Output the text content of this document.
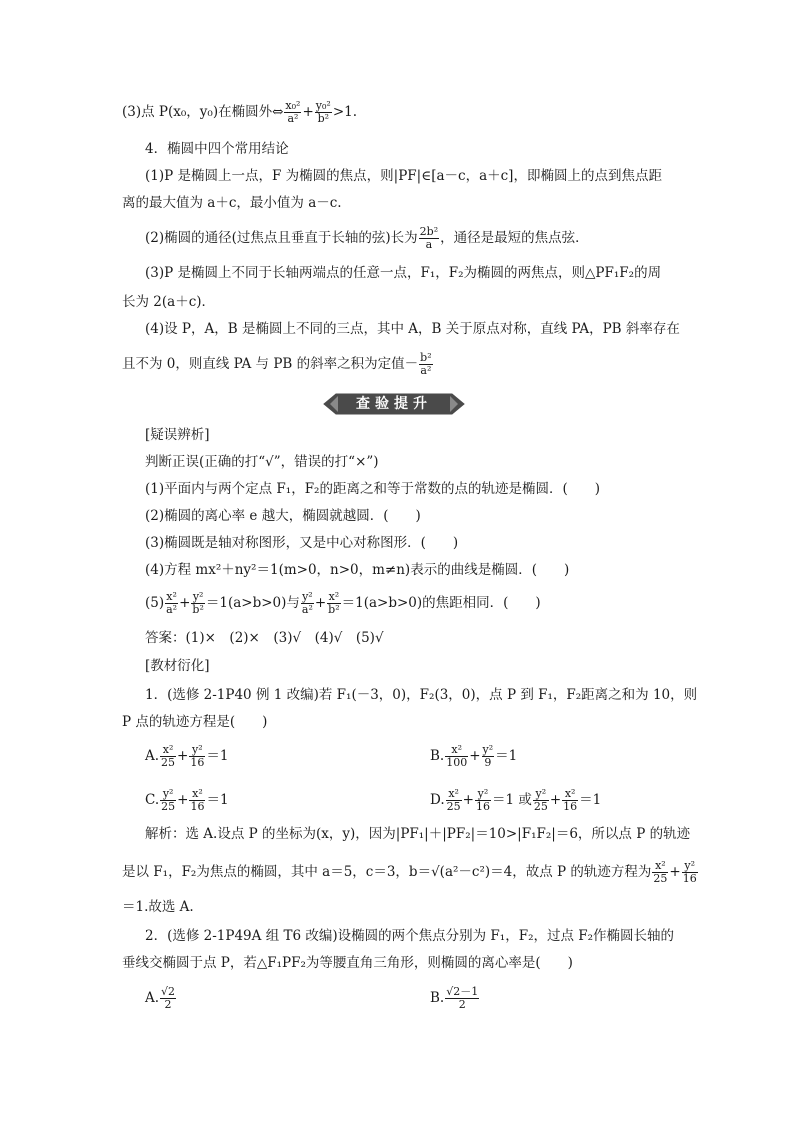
(3)点 P(x₀，y₀)在椭圆外⇔ $\frac{\text{x₀²}}{\text{a²}} + \frac{\text{y₀²}}{\text{b²}} >1$.
4．椭圆中四个常用结论
(1)P 是椭圆上一点，F 为椭圆的焦点，则|PF|∈[a－c，a＋c]，即椭圆上的点到焦点距
离的最大值为 a＋c，最小值为 a－c.
(2)椭圆的通径(过焦点且垂直于长轴的弦)长为 $\frac{\text{2b²}}{a}$ ，通径是最短的焦点弦．
(3)P 是椭圆上不同于长轴两端点的任意一点，F₁，F₂为椭圆的两焦点，则△PF₁F₂的周
长为 2(a＋c)．
(4)设 P，A，B 是椭圆上不同的三点，其中 A，B 关于原点对称，直线 PA，PB 斜率存在
且不为 0，则直线 PA 与 PB 的斜率之积为定值－ $\frac{\text{b²}}{\text{a²}}$
查验提升
[疑误辨析]
判断正误(正确的打“√”，错误的打“×”)
(1)平面内与两个定点 F₁，F₂的距离之和等于常数的点的轨迹是椭圆．(　　)
(2)椭圆的离心率 e 越大，椭圆就越圆．(　　)
(3)椭圆既是轴对称图形，又是中心对称图形．(　　)
(4)方程 mx²＋ny²＝1(m>0，n>0，m≠n)表示的曲线是椭圆．(　　)
$(5) \frac{\text{x²}}{\text{a²}} + \frac{\text{y²}}{\text{b²}} =1(a>b>0)$与 $\frac{\text{y²}}{\text{a²}} + \frac{\text{x²}}{\text{b²}} =1(a>b>0)$的焦距相同．(　　)
答案：(1)×　(2)×　(3)√　(4)√　(5)√
[教材衍化]
1．(选修 2-1P40 例 1 改编)若 F₁(－3，0)，F₂(3，0)，点 P 到 F₁，F₂距离之和为 10，则
P 点的轨迹方程是(　　)
A. $\frac{\text{x²}}{25} + \frac{\text{y²}}{16} =1$	B. $\frac{\text{x²}}{100} + \frac{\text{y²}}{9} =1$
C. $\frac{\text{y²}}{25} + \frac{\text{x²}}{16} =1$	D. $\frac{\text{x²}}{25} + \frac{\text{y²}}{16} =1$ 或 $\frac{\text{y²}}{25} + \frac{\text{x²}}{16} =1$
解析：选 A.设点 P 的坐标为(x，y)，因为|PF₁|＋|PF₂|＝10>|F₁F₂|＝6，所以点 P 的轨迹
是以 F₁，F₂为焦点的椭圆，其中 a＝5，c＝3，b＝√(a²－c²)＝4，故点 P 的轨迹方程为 $\frac{\text{x²}}{25} + \frac{\text{y²}}{16}$
＝1.故选 A.
2．(选修 2-1P49A 组 T6 改编)设椭圆的两个焦点分别为 F₁，F₂，过点 F₂作椭圆长轴的
垂线交椭圆于点 P，若△F₁PF₂为等腰直角三角形，则椭圆的离心率是(　　)
A. $\frac{√2}{2}$	B. $\frac{√2-1}{2}$
